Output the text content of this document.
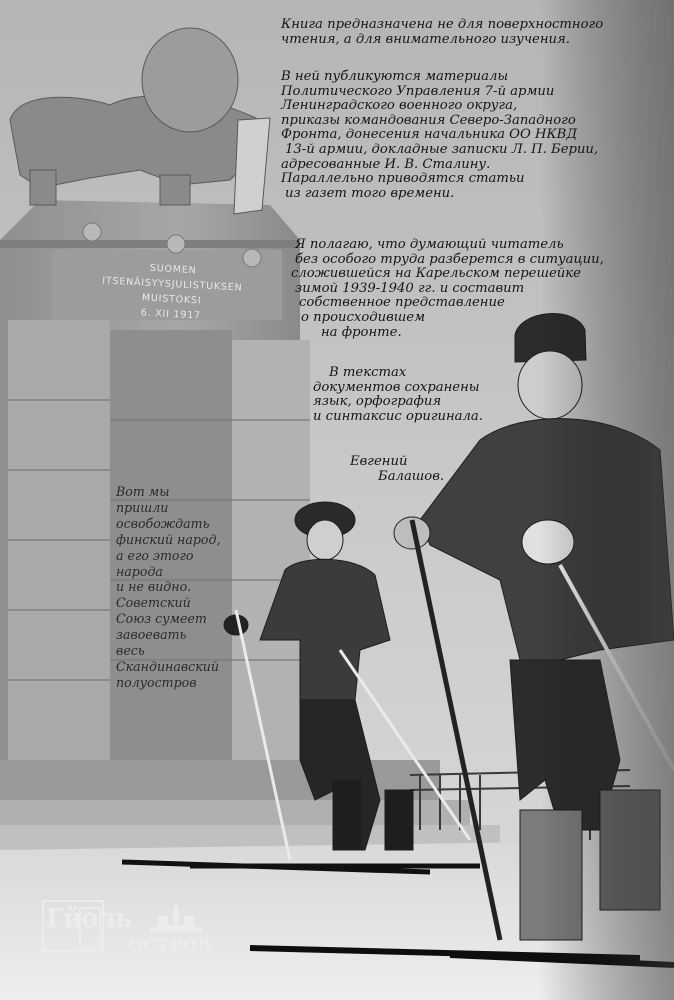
SUOMEN
ITSENÄISYYSJULISTUKSEN
MUISTOKSI
6. XII 1917
Книга предназначена не для поверхностного
чтения, а для внимательного изучения.
В ней публикуются материалы
Политического Управления 7-й армии
Ленинградского военного округа,
приказы командования Северо-Западного
Фронта, донесения начальника ОО НКВД
13-й армии, докладные записки Л. П. Берии,
адресованные И. В. Сталину.
Параллельно приводятся статьи
из газет того времени.
Я полагаю, что думающий читатель
без особого труда разберется в ситуации,
сложившейся на Карельском перешейке
зимой 1939-1940 гг. и составит
собственное представление
о происходившем
на фронте.
В текстах
документов сохранены
язык, орфография
и синтаксис оригинала.
Евгений
Балашов.
Вот мы
пришли
освобождать
финский народ,
а его этого
народа
и не видно.
Советский
Союз сумеет
завоевать
весь
Скандинавский
полуостров
Гйоль
ОСТРОВ
